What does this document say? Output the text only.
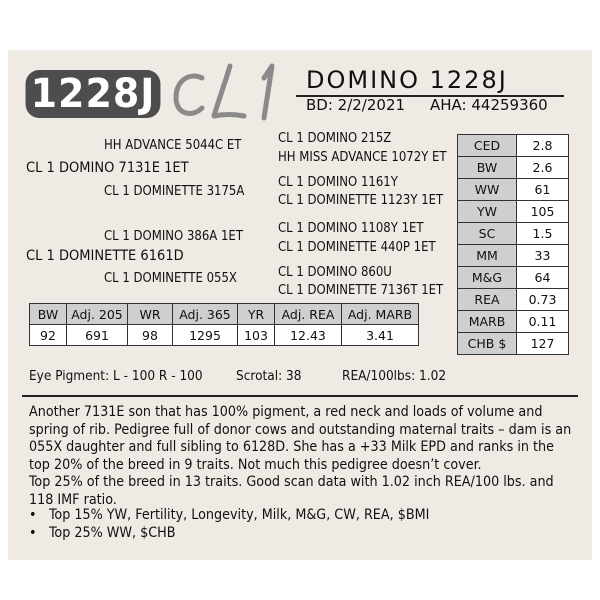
1228J	DOMINO 1228J
BD: 2/2/2021 AHA: 44259360
HH ADVANCE 5044C ET
CL 1 DOMINO 7131E 1ET
CL 1 DOMINETTE 3175A
CL 1 DOMINO 215Z
HH MISS ADVANCE 1072Y ET
CL 1 DOMINO 1161Y
CL 1 DOMINETTE 1123Y 1ET
CL 1 DOMINO 386A 1ET
CL 1 DOMINETTE 6161D
CL 1 DOMINETTE 055X
CL 1 DOMINO 1108Y 1ET
CL 1 DOMINETTE 440P 1ET
CL 1 DOMINO 860U
CL 1 DOMINETTE 7136T 1ET
CED	2.8
BW	2.6
WW	61
YW	105
SC	1.5
MM	33
M&G	64
REA	0.73
MARB	0.11
CHB $	127
BW	Adj. 205	WR	Adj. 365	YR	Adj. REA	Adj. MARB
92	691	98	1295	103	12.43	3.41
Eye Pigment: L - 100 R - 100 Scrotal: 38	REA/100lbs: 1.02

Another 7131E son that has 100% pigment, a red neck and loads of volume and spring of rib. Pedigree full of donor cows and outstanding maternal traits – dam is an 055X daughter and full sibling to 6128D. She has a +33 Milk EPD and ranks in the top 20% of the breed in 9 traits. Not much this pedigree doesn’t cover.

Top 25% of the breed in 13 traits. Good scan data with 1.02 inch REA/100 lbs. and 118 IMF ratio.

• Top 15% YW, Fertility, Longevity, Milk, M&G, CW, REA, $BMI
• Top 25% WW, $CHB
